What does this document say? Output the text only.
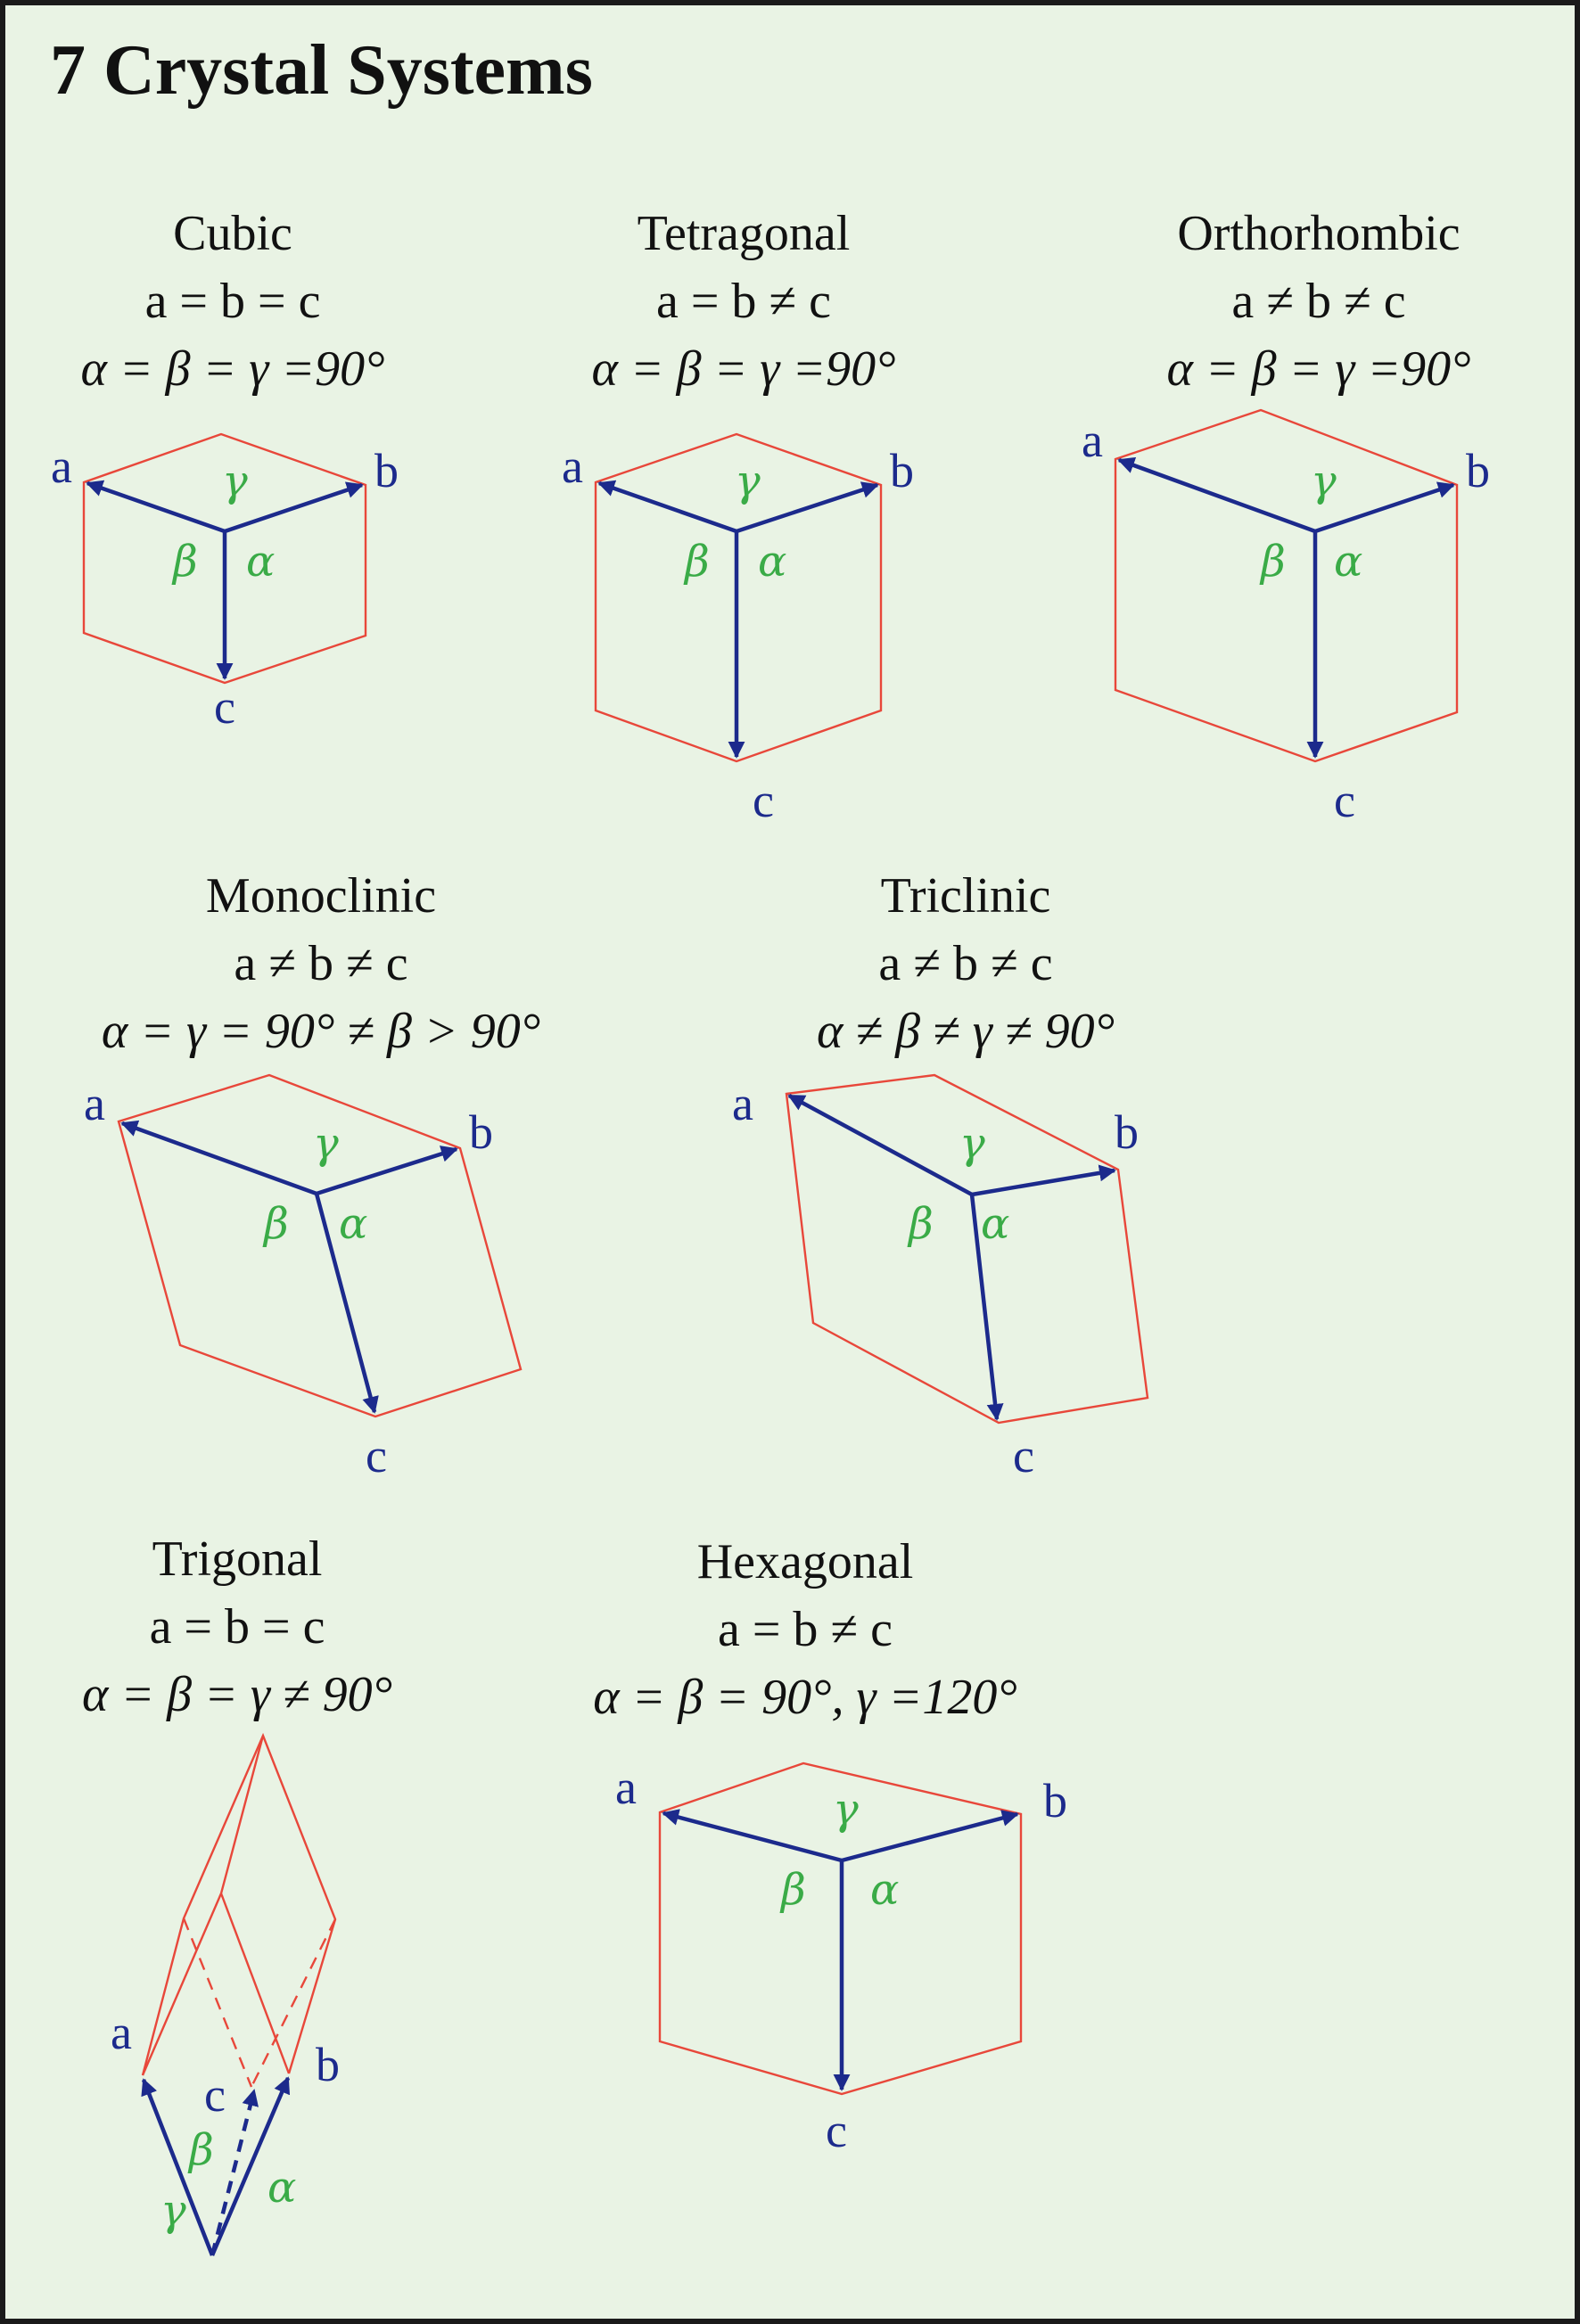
7 Crystal Systems
Cubic
a = b = c
α = β = γ =90°
Tetragonal
a = b ≠ c
α = β = γ =90°
Orthorhombic
a ≠ b ≠ c
α = β = γ =90°
Monoclinic
a ≠ b ≠ c
α = γ = 90° ≠ β > 90°
Triclinic
a ≠ b ≠ c
α ≠ β ≠ γ ≠ 90°
Trigonal
a = b = c
α = β = γ ≠ 90°
Hexagonal
a = b ≠ c
α = β = 90°, γ =120°
a	b
c
γ
β α
a	b
c
γ
β α
a
b
c
γ
β α
a
b
c
γ
β α
a
b
c
γ
β α
a
b
c
β
α
γ
a	b
c
γ
β α
